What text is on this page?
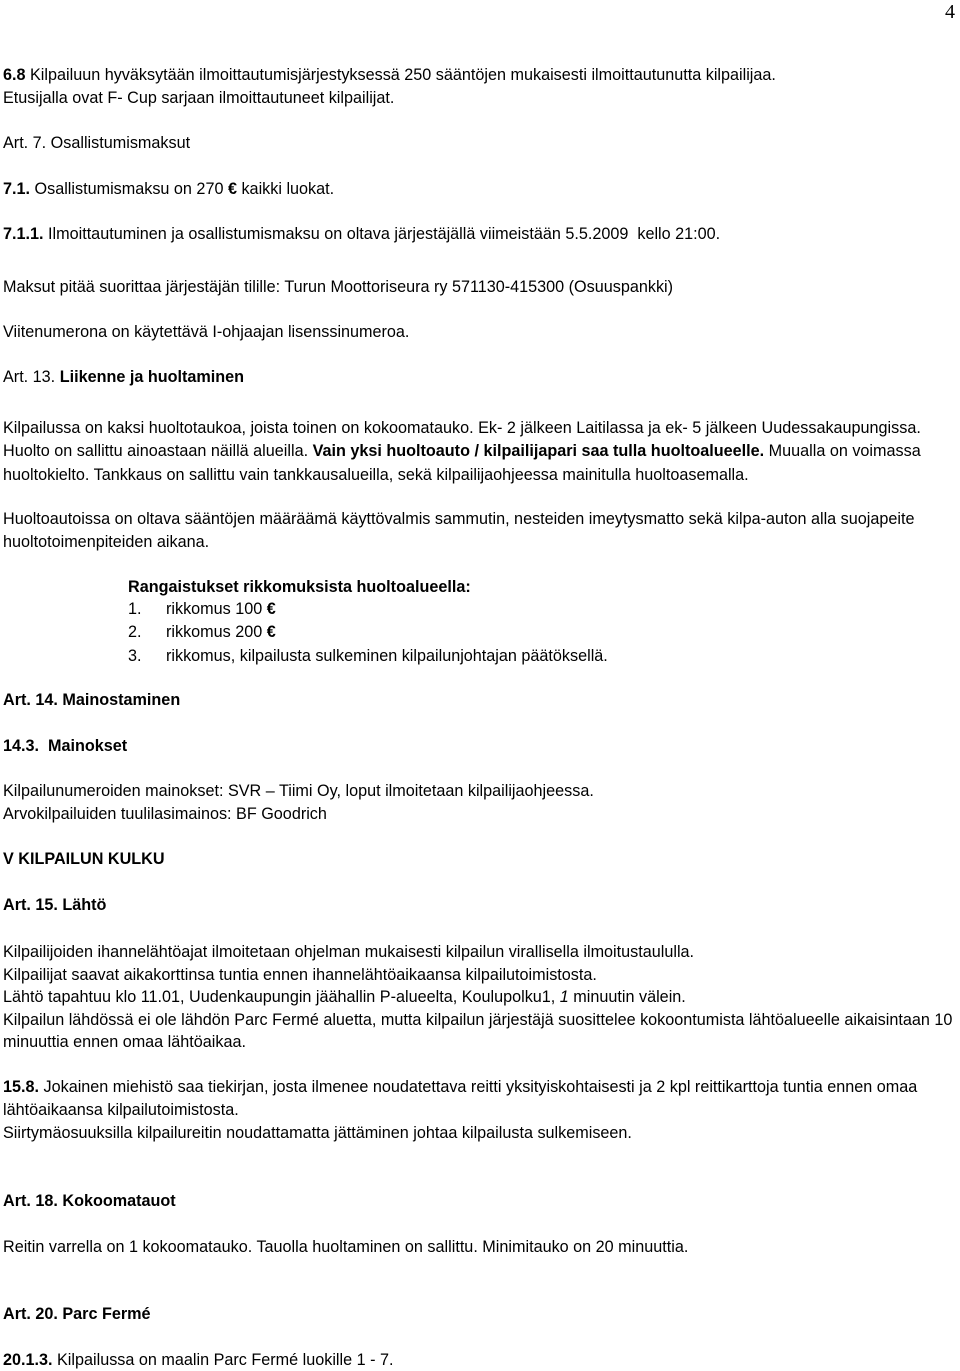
4
6.8 Kilpailuun hyväksytään ilmoittautumisjärjestyksessä 250 sääntöjen mukaisesti ilmoittautunutta kilpailijaa.
Etusijalla ovat F- Cup sarjaan ilmoittautuneet kilpailijat.
Art. 7. Osallistumismaksut
7.1. Osallistumismaksu on 270 € kaikki luokat.
7.1.1. Ilmoittautuminen ja osallistumismaksu on oltava järjestäjällä viimeistään 5.5.2009  kello 21:00.
Maksut pitää suorittaa järjestäjän tilille: Turun Moottoriseura ry 571130-415300 (Osuuspankki)
Viitenumerona on käytettävä I-ohjaajan lisenssinumeroa.
Art. 13. Liikenne ja huoltaminen
Kilpailussa on kaksi huoltotaukoa, joista toinen on kokoomatauko. Ek- 2 jälkeen Laitilassa ja ek- 5 jälkeen Uudessakaupungissa.
Huolto on sallittu ainoastaan näillä alueilla. Vain yksi huoltoauto / kilpailijapari saa tulla huoltoalueelle. Muualla on voimassa
huoltokielto. Tankkaus on sallittu vain tankkausalueilla, sekä kilpailijaohjeessa mainitulla huoltoasemalla.
Huoltoautoissa on oltava sääntöjen määräämä käyttövalmis sammutin, nesteiden imeytysmatto sekä kilpa-auton alla suojapeite
huoltotoimenpiteiden aikana.
Rangaistukset rikkomuksista huoltoalueella:
1. rikkomus 100 €
2. rikkomus 200 €
3. rikkomus, kilpailusta sulkeminen kilpailunjohtajan päätöksellä.
Art. 14. Mainostaminen
14.3.  Mainokset
Kilpailunumeroiden mainokset: SVR – Tiimi Oy, loput ilmoitetaan kilpailijaohjeessa.
Arvokilpailuiden tuulilasimainos: BF Goodrich
V KILPAILUN KULKU
Art. 15. Lähtö
Kilpailijoiden ihannelähtöajat ilmoitetaan ohjelman mukaisesti kilpailun virallisella ilmoitustaululla.
Kilpailijat saavat aikakorttinsa tuntia ennen ihannelähtöaikaansa kilpailutoimistosta.
Lähtö tapahtuu klo 11.01, Uudenkaupungin jäähallin P-alueelta, Koulupolku1, 1 minuutin välein.
Kilpailun lähdössä ei ole lähdön Parc Fermé aluetta, mutta kilpailun järjestäjä suosittelee kokoontumista lähtöalueelle aikaisintaan 10
minuuttia ennen omaa lähtöaikaa.
15.8. Jokainen miehistö saa tiekirjan, josta ilmenee noudatettava reitti yksityiskohtaisesti ja 2 kpl reittikarttoja tuntia ennen omaa
lähtöaikaansa kilpailutoimistosta.
Siirtymäosuuksilla kilpailureitin noudattamatta jättäminen johtaa kilpailusta sulkemiseen.
Art. 18. Kokoomatauot
Reitin varrella on 1 kokoomatauko. Tauolla huoltaminen on sallittu. Minimitauko on 20 minuuttia.
Art. 20. Parc Fermé
20.1.3. Kilpailussa on maalin Parc Fermé luokille 1 - 7.
